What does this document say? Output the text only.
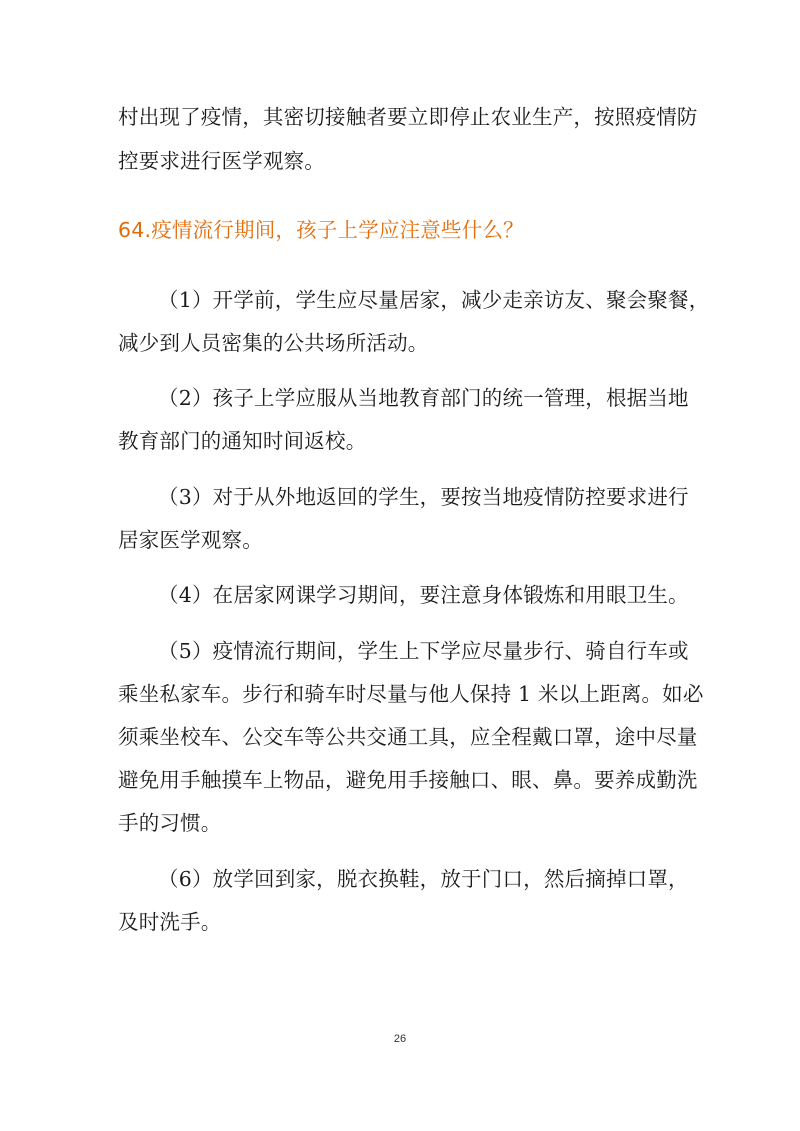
村出现了疫情，其密切接触者要立即停止农业生产，按照疫情防
控要求进行医学观察。
64.疫情流行期间，孩子上学应注意些什么？
（1）开学前，学生应尽量居家，减少走亲访友、聚会聚餐，
减少到人员密集的公共场所活动。
（2）孩子上学应服从当地教育部门的统一管理，根据当地
教育部门的通知时间返校。
（3）对于从外地返回的学生，要按当地疫情防控要求进行
居家医学观察。
（4）在居家网课学习期间，要注意身体锻炼和用眼卫生。
（5）疫情流行期间，学生上下学应尽量步行、骑自行车或
乘坐私家车。步行和骑车时尽量与他人保持 1 米以上距离。如必
须乘坐校车、公交车等公共交通工具，应全程戴口罩，途中尽量
避免用手触摸车上物品，避免用手接触口、眼、鼻。要养成勤洗
手的习惯。
（6）放学回到家，脱衣换鞋，放于门口，然后摘掉口罩，
及时洗手。
26
